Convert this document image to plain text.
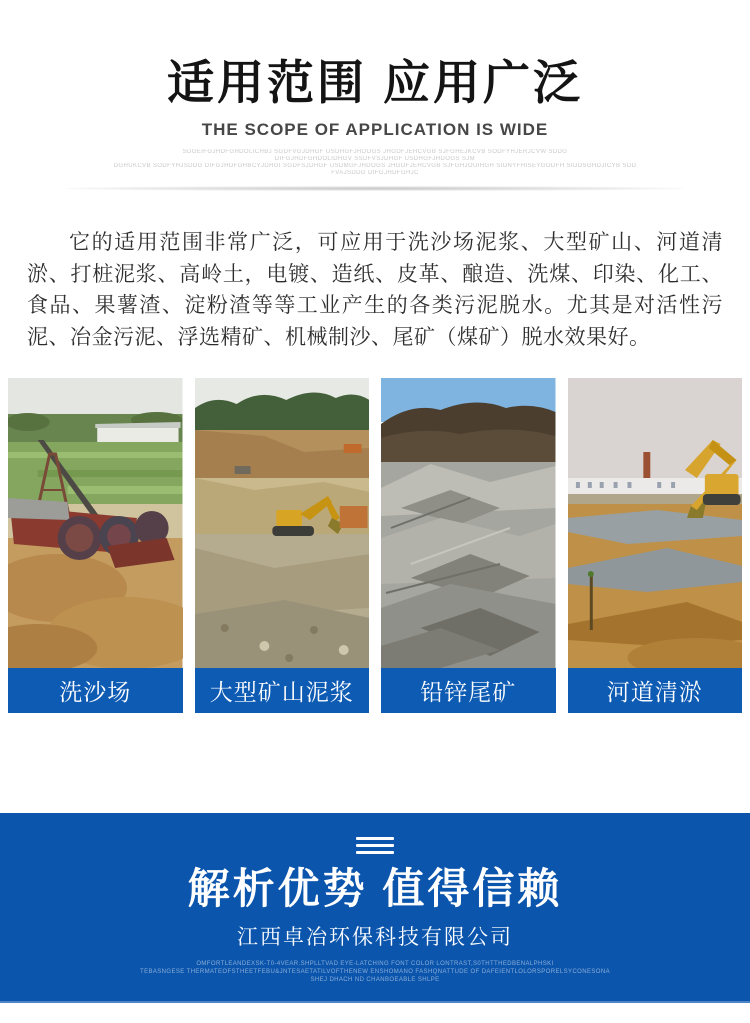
适用范围 应用广泛
THE SCOPE OF APPLICATION IS WIDE
SDGEIFGJHDFGHDOLICHBJ SGDFVGJDHGF USDHGFJHDOGS JHGDFJEHCVGB SJFGHEJKCVB SODFYHJERJCVW SDDG
DIFGJHDFGHDOLIDHGV SSDFVSJDHGF USDHGFJHDOGS SJM
DGHUKCVB SODFYHJSDDG DIFGJHDFGHBCYJDHGI SGDFSJDHGF USDMGFJHDOGS JHGDFJEHCVGB SJFGHJOUIHGH SIDNYFHISEYGODFH SIDDSGHDJICYB SDD
FVAJSDDG DIFGJHDFGHJC

它的适用范围非常广泛，可应用于洗沙场泥浆、大型矿山、河道清淤、打桩泥浆、高岭土，电镀、造纸、皮革、酿造、洗煤、印染、化工、食品、果薯渣、淀粉渣等等工业产生的各类污泥脱水。尤其是对活性污泥、冶金污泥、浮选精矿、机械制沙、尾矿（煤矿）脱水效果好。

洗沙场	大型矿山泥浆	铅锌尾矿	河道清淤
解析优势 值得信赖
江西卓冶环保科技有限公司
OMFORTLEANDEXSK-T0-4VEAR.SHPLLTVAD EYE-LATCHING FONT COLOR LONTRAST,S0THTTHEDBENALPHSKI
TEBASNGESE THERMATEOFSTHEETFEBU&JNTESAETATILVOFTHENEW ENSHOMANO FASHQNATTUDE OF DAFEIENTLOLORSPORELSYCONESONA
SHEJ DHACH ND CHANBOEABLE SHLPE
